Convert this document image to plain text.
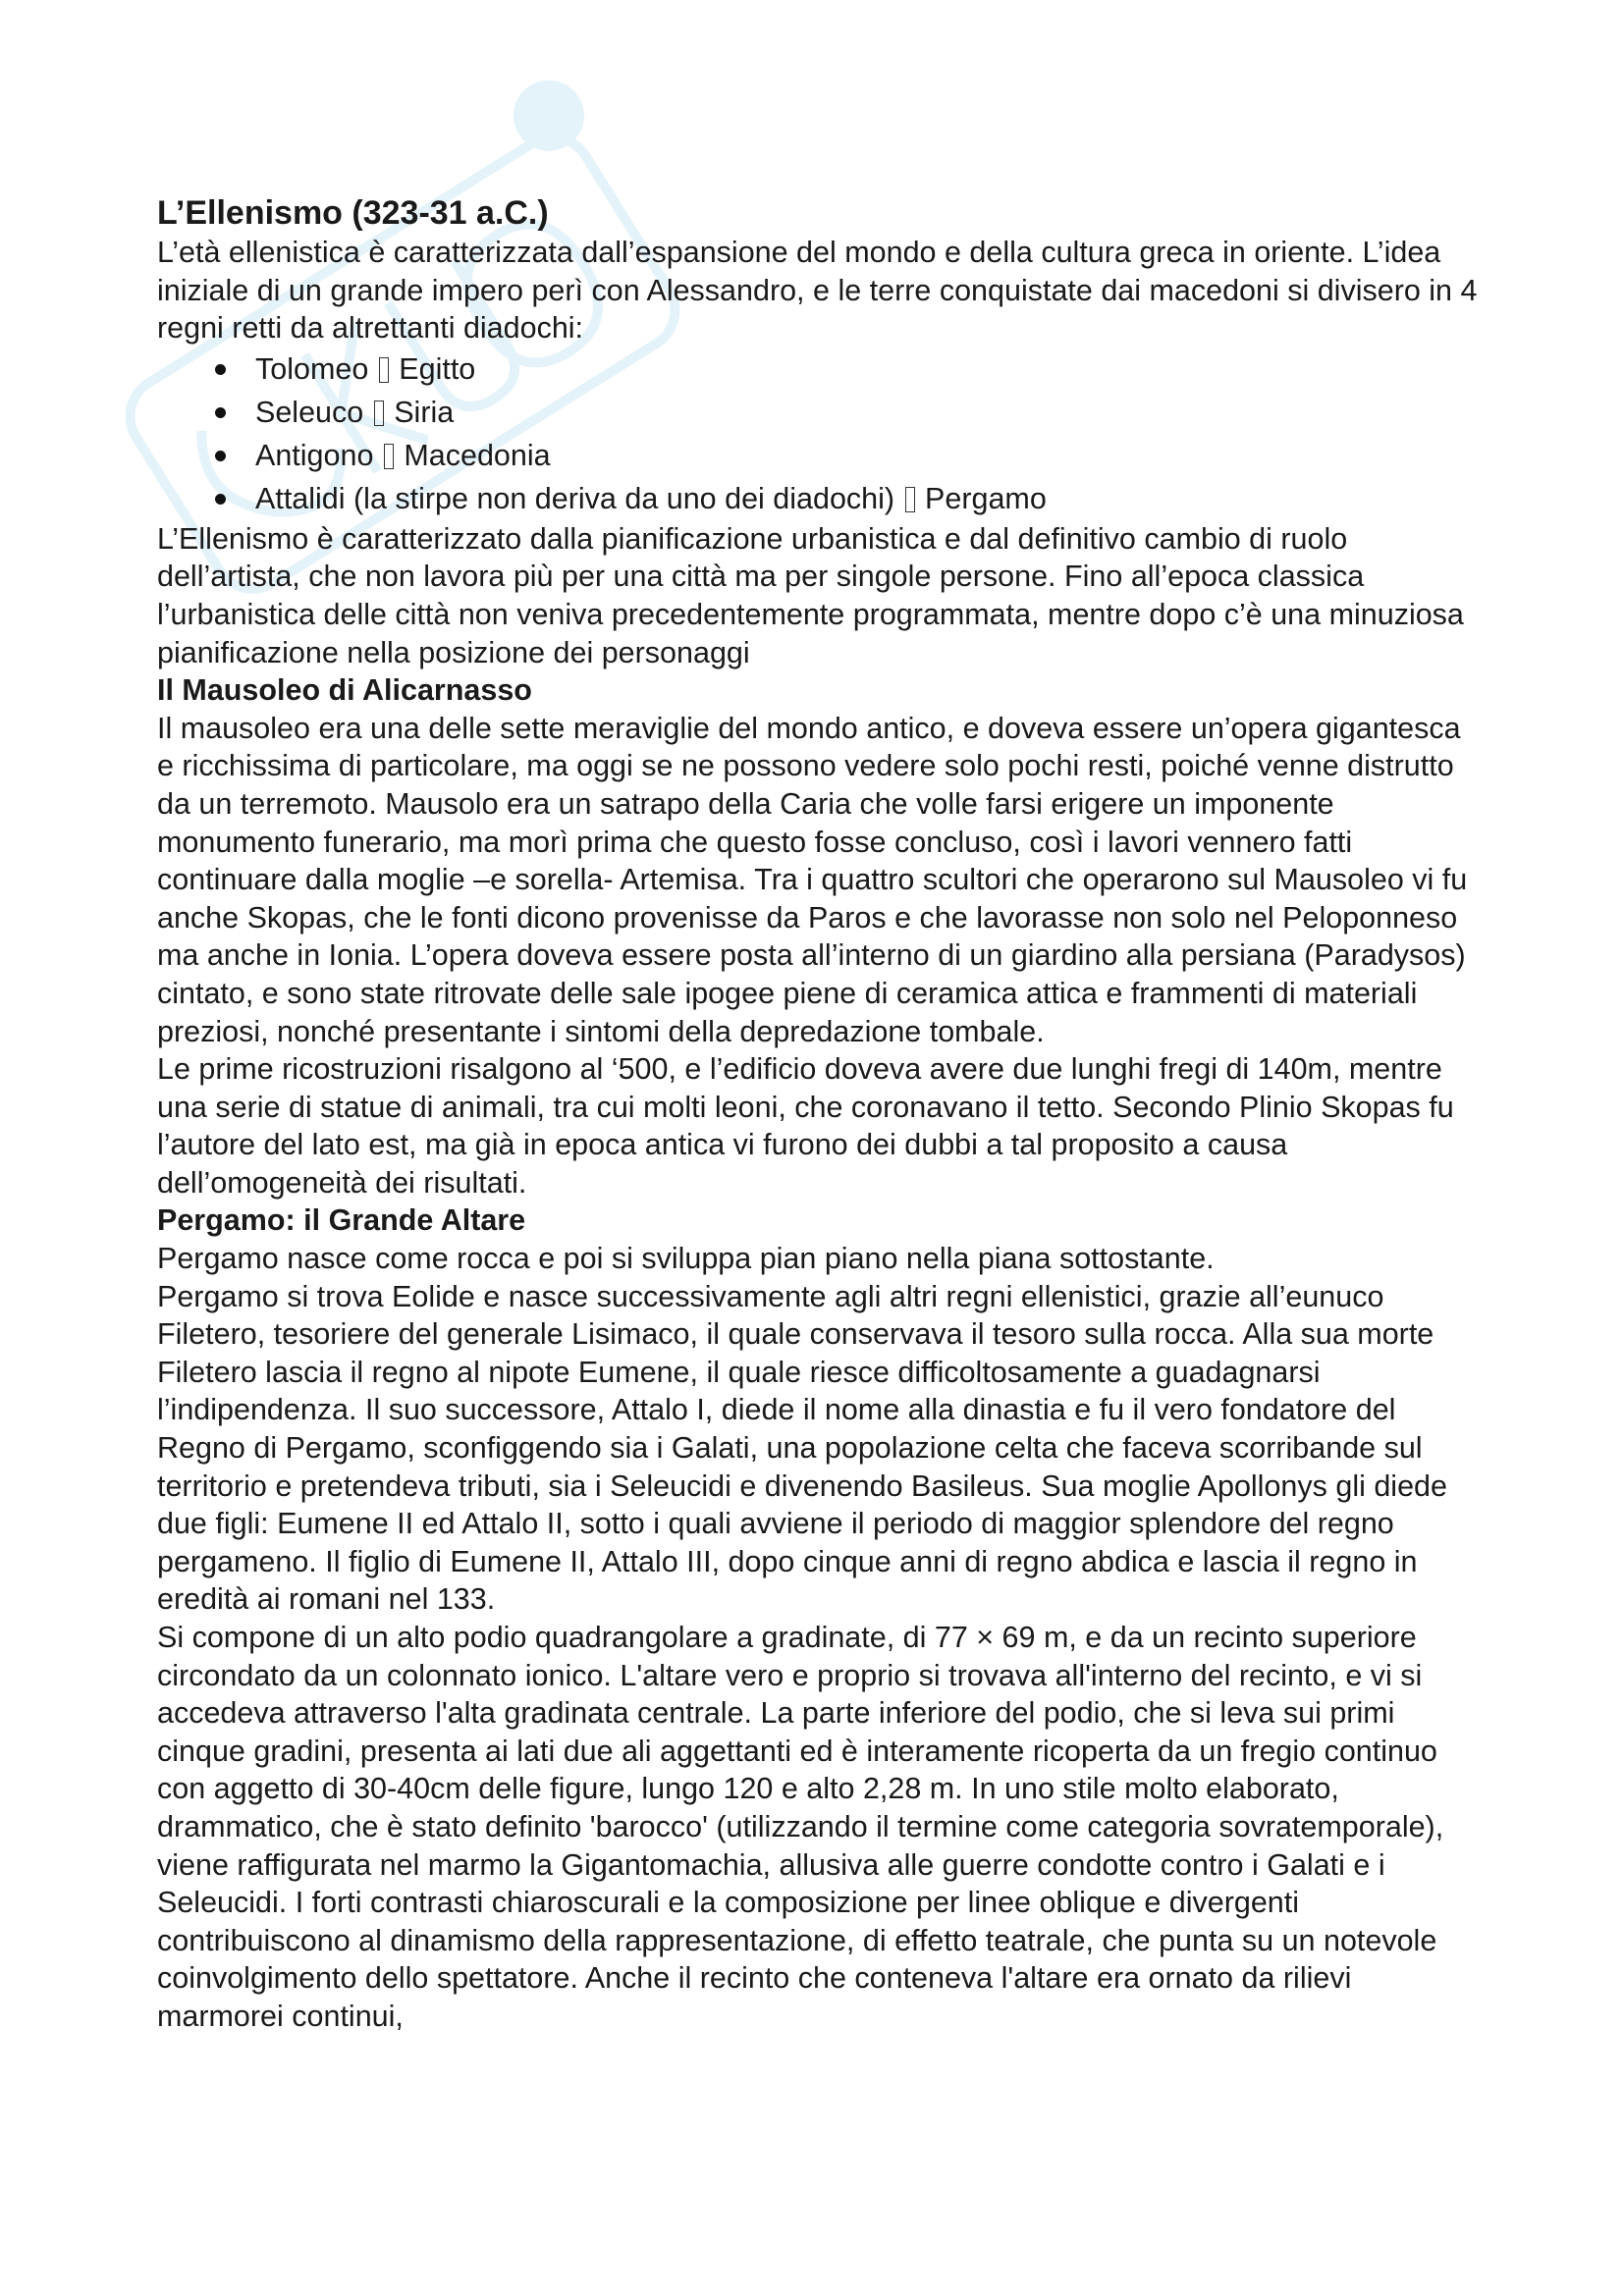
L’Ellenismo (323-31 a.C.)

L’età ellenistica è caratterizzata dall’espansione del mondo e della cultura greca in oriente. L’idea iniziale di un grande impero perì con Alessandro, e le terre conquistate dai macedoni si divisero in 4 regni retti da altrettanti diadochi:

Tolomeo Egitto
Seleuco Siria
Antigono Macedonia
Attalidi (la stirpe non deriva da uno dei diadochi) Pergamo

L’Ellenismo è caratterizzato dalla pianificazione urbanistica e dal definitivo cambio di ruolo dell’artista, che non lavora più per una città ma per singole persone. Fino all’epoca classica l’urbanistica delle città non veniva precedentemente programmata, mentre dopo c’è una minuziosa pianificazione nella posizione dei personaggi

Il Mausoleo di Alicarnasso

Il mausoleo era una delle sette meraviglie del mondo antico, e doveva essere un’opera gigantesca e ricchissima di particolare, ma oggi se ne possono vedere solo pochi resti, poiché venne distrutto da un terremoto. Mausolo era un satrapo della Caria che volle farsi erigere un imponente monumento funerario, ma morì prima che questo fosse concluso, così i lavori vennero fatti continuare dalla moglie –e sorella- Artemisa. Tra i quattro scultori che operarono sul Mausoleo vi fu anche Skopas, che le fonti dicono provenisse da Paros e che lavorasse non solo nel Peloponneso ma anche in Ionia. L’opera doveva essere posta all’interno di un giardino alla persiana (Paradysos) cintato, e sono state ritrovate delle sale ipogee piene di ceramica attica e frammenti di materiali preziosi, nonché presentante i sintomi della depredazione tombale.

Le prime ricostruzioni risalgono al ‘500, e l’edificio doveva avere due lunghi fregi di 140m, mentre una serie di statue di animali, tra cui molti leoni, che coronavano il tetto. Secondo Plinio Skopas fu l’autore del lato est, ma già in epoca antica vi furono dei dubbi a tal proposito a causa dell’omogeneità dei risultati.

Pergamo: il Grande Altare

Pergamo nasce come rocca e poi si sviluppa pian piano nella piana sottostante.

Pergamo si trova Eolide e nasce successivamente agli altri regni ellenistici, grazie all’eunuco Filetero, tesoriere del generale Lisimaco, il quale conservava il tesoro sulla rocca. Alla sua morte Filetero lascia il regno al nipote Eumene, il quale riesce difficoltosamente a guadagnarsi l’indipendenza. Il suo successore, Attalo I, diede il nome alla dinastia e fu il vero fondatore del Regno di Pergamo, sconfiggendo sia i Galati, una popolazione celta che faceva scorribande sul territorio e pretendeva tributi, sia i Seleucidi e divenendo Basileus. Sua moglie Apollonys gli diede due figli: Eumene II ed Attalo II, sotto i quali avviene il periodo di maggior splendore del regno pergameno. Il figlio di Eumene II, Attalo III, dopo cinque anni di regno abdica e lascia il regno in eredità ai romani nel 133.

Si compone di un alto podio quadrangolare a gradinate, di 77 × 69 m, e da un recinto superiore circondato da un colonnato ionico. L'altare vero e proprio si trovava all'interno del recinto, e vi si accedeva attraverso l'alta gradinata centrale. La parte inferiore del podio, che si leva sui primi cinque gradini, presenta ai lati due ali aggettanti ed è interamente ricoperta da un fregio continuo con aggetto di 30-40cm delle figure, lungo 120 e alto 2,28 m. In uno stile molto elaborato, drammatico, che è stato definito 'barocco' (utilizzando il termine come categoria sovratemporale), viene raffigurata nel marmo la Gigantomachia, allusiva alle guerre condotte contro i Galati e i Seleucidi. I forti contrasti chiaroscurali e la composizione per linee oblique e divergenti contribuiscono al dinamismo della rappresentazione, di effetto teatrale, che punta su un notevole coinvolgimento dello spettatore. Anche il recinto che conteneva l'altare era ornato da rilievi marmorei continui,
